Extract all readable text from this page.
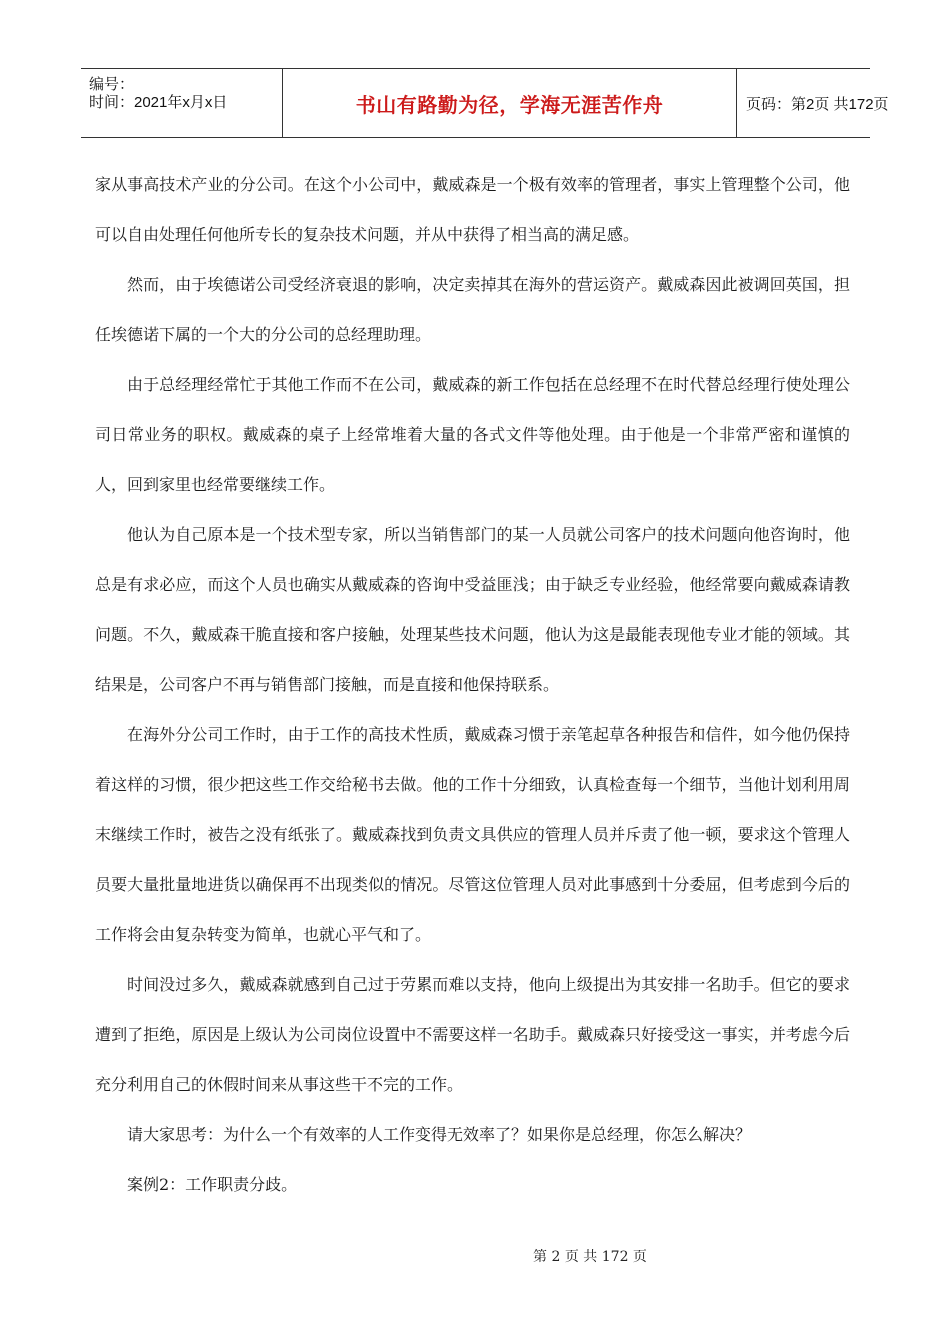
编号：
时间：2021年x月x日	书山有路勤为径，学海无涯苦作舟	页码：第2页 共172页

家从事高技术产业的分公司。在这个小公司中，戴威森是一个极有效率的管理者，事实上管理整个公司，他可以自由处理任何他所专长的复杂技术问题，并从中获得了相当高的满足感。

然而，由于埃德诺公司受经济衰退的影响，决定卖掉其在海外的营运资产。戴威森因此被调回英国，担任埃德诺下属的一个大的分公司的总经理助理。

由于总经理经常忙于其他工作而不在公司，戴威森的新工作包括在总经理不在时代替总经理行使处理公司日常业务的职权。戴威森的桌子上经常堆着大量的各式文件等他处理。由于他是一个非常严密和谨慎的人，回到家里也经常要继续工作。

他认为自己原本是一个技术型专家，所以当销售部门的某一人员就公司客户的技术问题向他咨询时，他总是有求必应，而这个人员也确实从戴威森的咨询中受益匪浅；由于缺乏专业经验，他经常要向戴威森请教问题。不久，戴威森干脆直接和客户接触，处理某些技术问题，他认为这是最能表现他专业才能的领域。其结果是，公司客户不再与销售部门接触，而是直接和他保持联系。

在海外分公司工作时，由于工作的高技术性质，戴威森习惯于亲笔起草各种报告和信件，如今他仍保持着这样的习惯，很少把这些工作交给秘书去做。他的工作十分细致，认真检查每一个细节，当他计划利用周末继续工作时，被告之没有纸张了。戴威森找到负责文具供应的管理人员并斥责了他一顿，要求这个管理人员要大量批量地进货以确保再不出现类似的情况。尽管这位管理人员对此事感到十分委屈，但考虑到今后的工作将会由复杂转变为简单，也就心平气和了。

时间没过多久，戴威森就感到自己过于劳累而难以支持，他向上级提出为其安排一名助手。但它的要求遭到了拒绝，原因是上级认为公司岗位设置中不需要这样一名助手。戴威森只好接受这一事实，并考虑今后充分利用自己的休假时间来从事这些干不完的工作。

请大家思考：为什么一个有效率的人工作变得无效率了？如果你是总经理，你怎么解决？

案例2：工作职责分歧。

第 2 页 共 172 页
